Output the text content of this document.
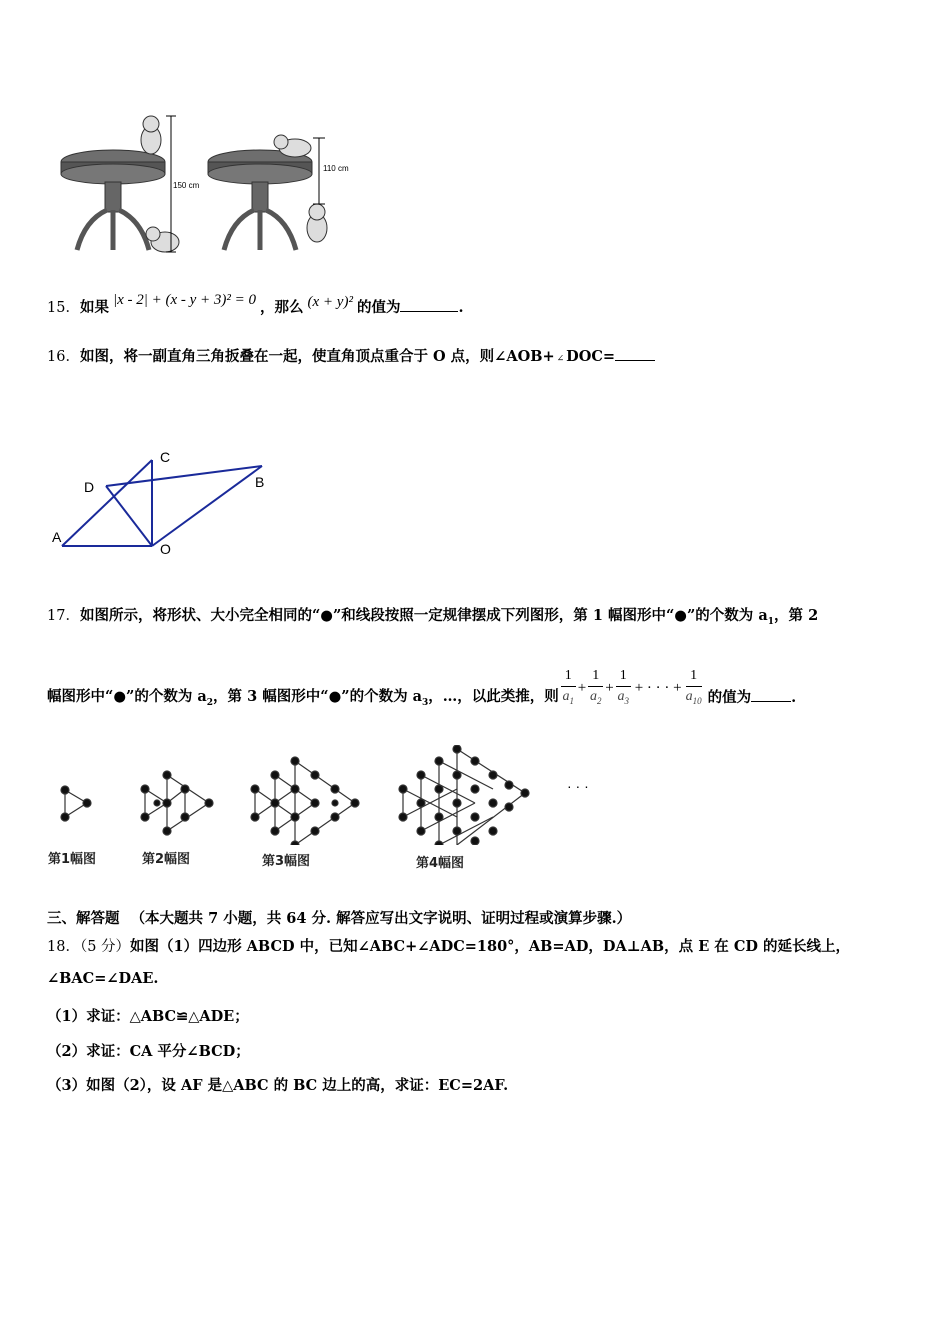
150 cm
110 cm
15．如果 |x - 2| + (x - y + 3)² = 0 ，那么 (x + y)² 的值为	.
16．如图，将一副直角三角扳叠在一起，使直角顶点重合于 O 点，则∠AOB+ ∠ DOC=
A
B
C
D
O
17．如图所示，将形状、大小完全相同的“●”和线段按照一定规律摆成下列图形，第 1 幅图形中“●”的个数为 $a_1$，第 2
幅图形中“●”的个数为 $a_2$，第 3 幅图形中“●”的个数为 $a_3$，…，以此类推，则 $\frac{1}{a_1} + \frac{1}{a_2} + \frac{1}{a_3}$ + · · · + $\frac{1}{a_{10}}$ 的值为	.
· · ·
第1幅图	第2幅图	第3幅图	第4幅图
三、解答题 （本大题共 7 小题，共 64 分. 解答应写出文字说明、证明过程或演算步骤.）
18．（5 分）如图（1）四边形 ABCD 中，已知∠ABC+∠ADC=180°，AB=AD，DA⊥AB，点 E 在 CD 的延长线上，
∠BAC=∠DAE.
（1）求证：△ABC≌△ADE；
（2）求证：CA 平分∠BCD；
（3）如图（2），设 AF 是△ABC 的 BC 边上的高，求证：EC=2AF.
